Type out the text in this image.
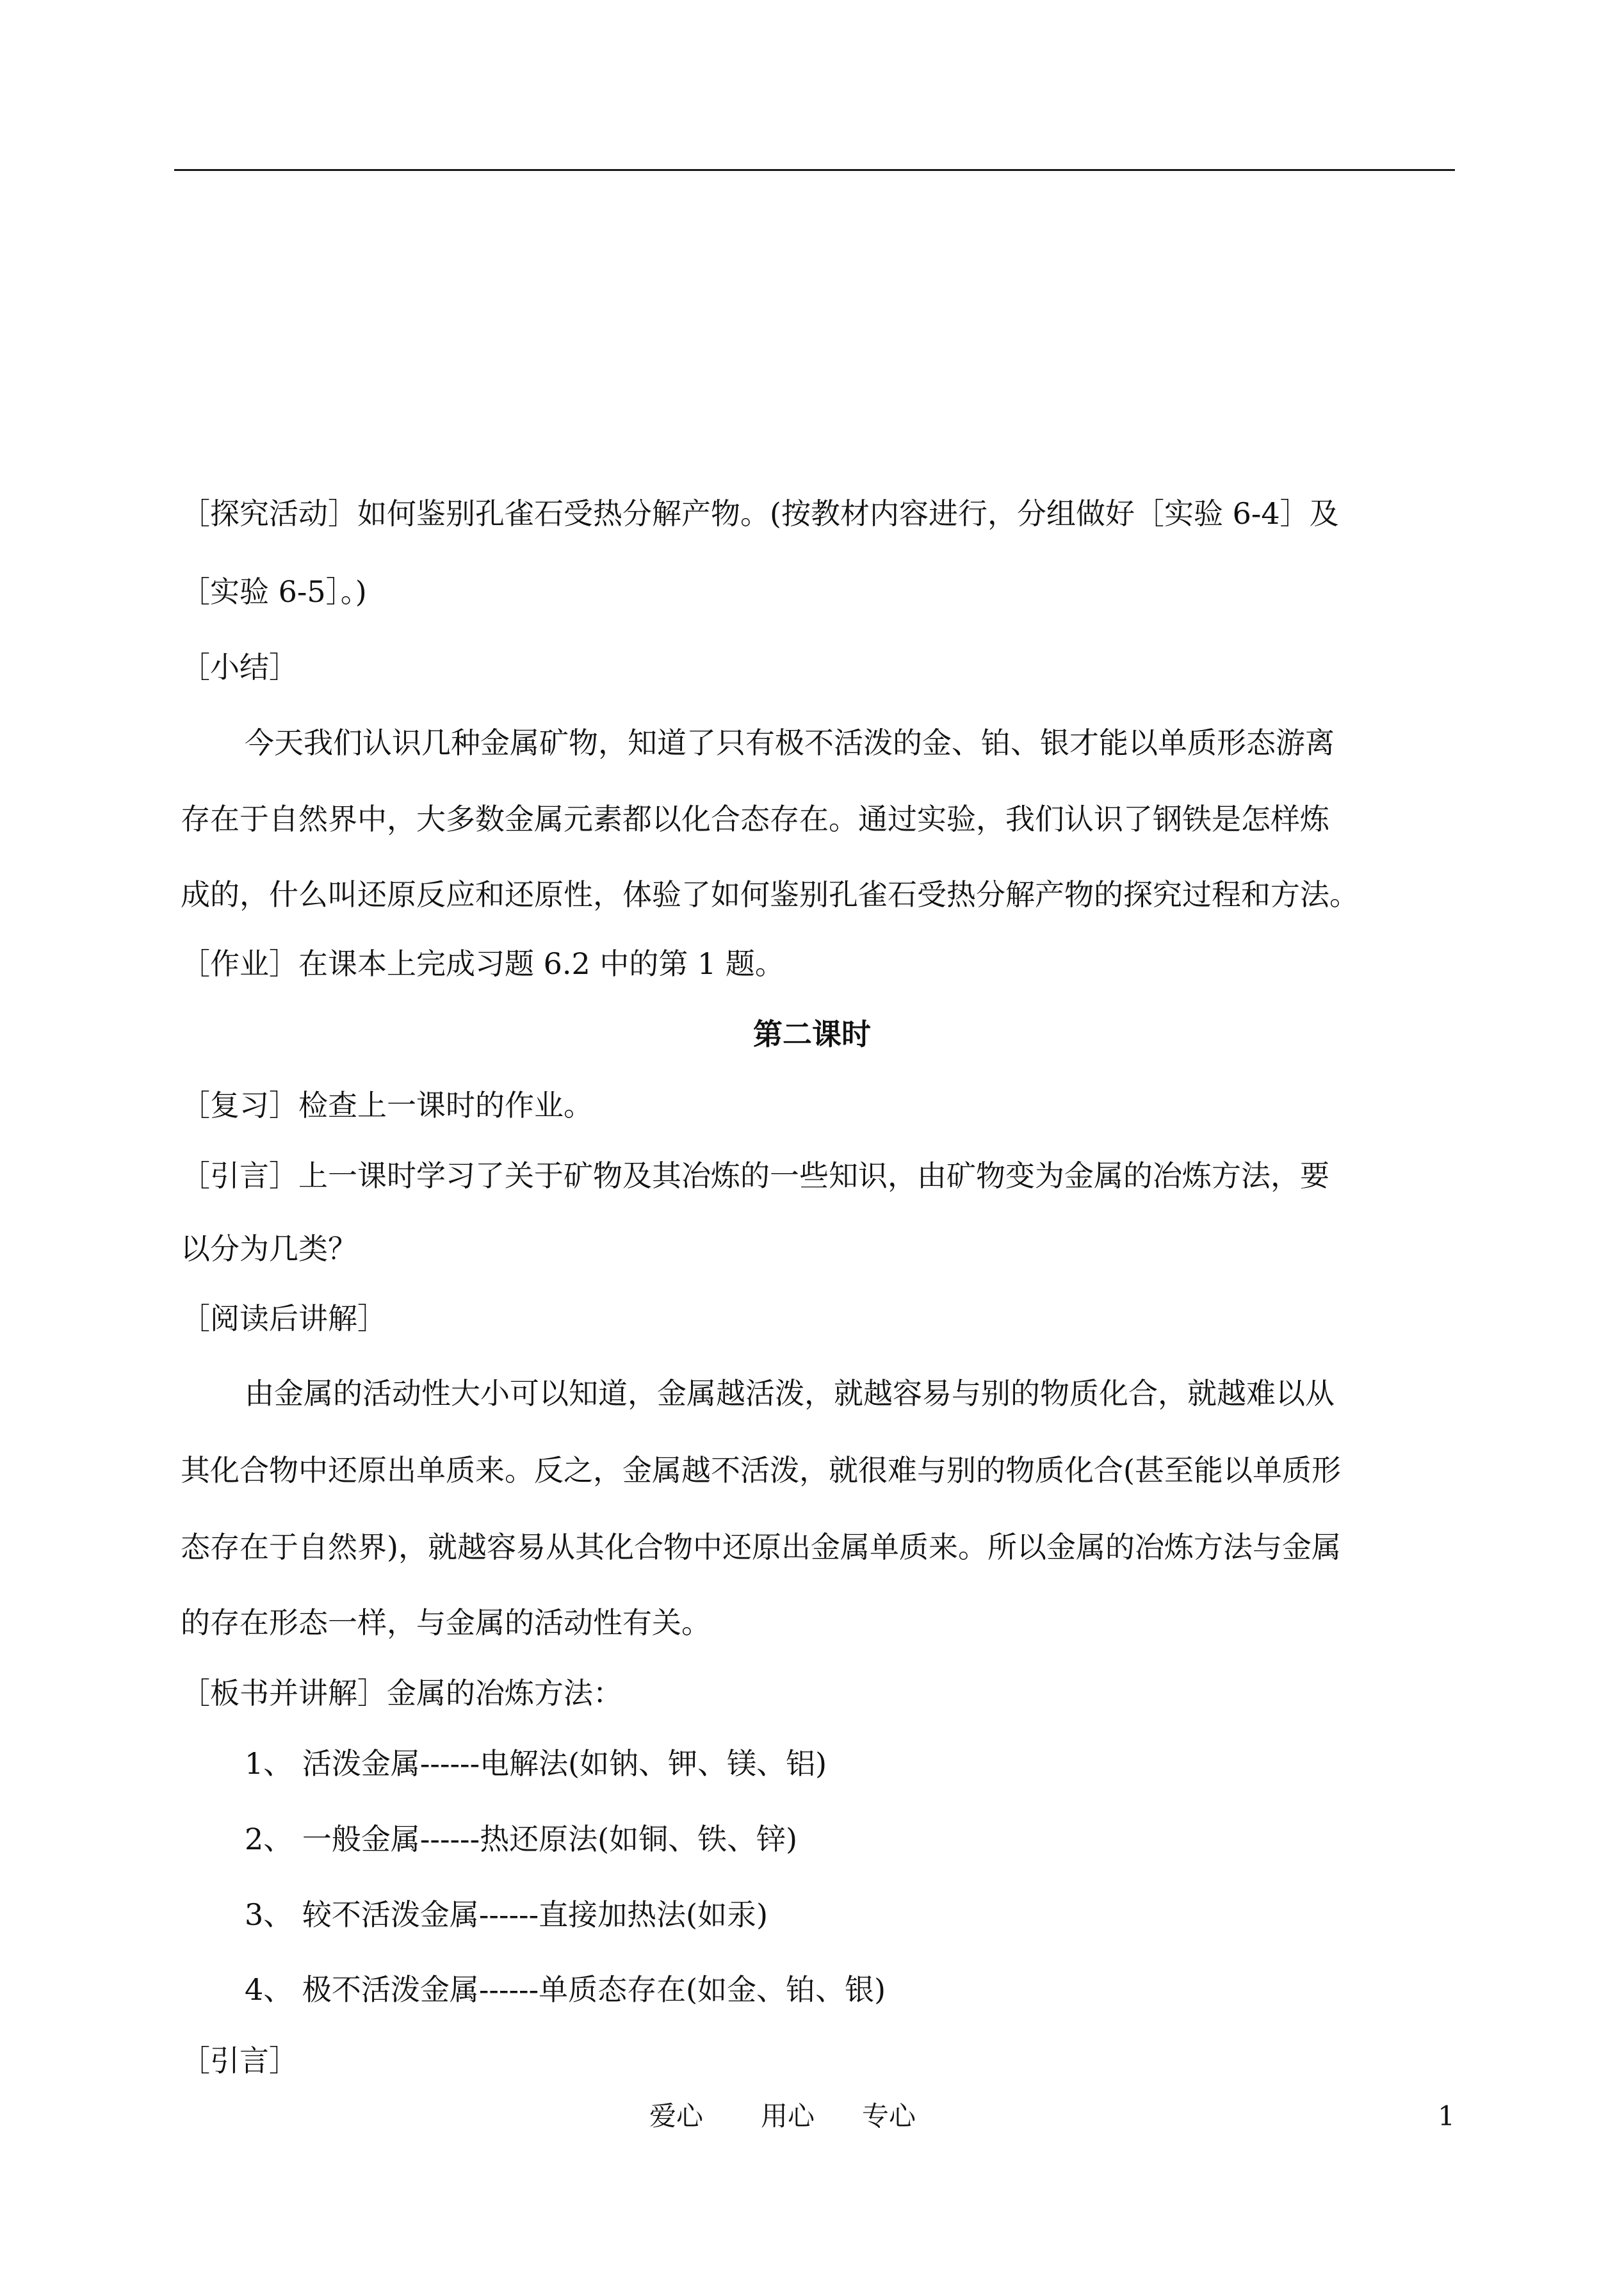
［探究活动］如何鉴别孔雀石受热分解产物。(按教材内容进行，分组做好［实验 6-4］及
［实验 6-5］。)
［小结］
今天我们认识几种金属矿物，知道了只有极不活泼的金、铂、银才能以单质形态游离
存在于自然界中，大多数金属元素都以化合态存在。通过实验，我们认识了钢铁是怎样炼
成的，什么叫还原反应和还原性，体验了如何鉴别孔雀石受热分解产物的探究过程和方法。
［作业］在课本上完成习题 6.2 中的第 1 题。
第二课时
［复习］检查上一课时的作业。
［引言］上一课时学习了关于矿物及其冶炼的一些知识，由矿物变为金属的冶炼方法，要
以分为几类？
［阅读后讲解］
由金属的活动性大小可以知道，金属越活泼，就越容易与别的物质化合，就越难以从
其化合物中还原出单质来。反之，金属越不活泼，就很难与别的物质化合(甚至能以单质形
态存在于自然界)，就越容易从其化合物中还原出金属单质来。所以金属的冶炼方法与金属
的存在形态一样，与金属的活动性有关。
［板书并讲解］金属的冶炼方法：
1、 活泼金属------电解法(如钠、钾、镁、铝)
2、 一般金属------热还原法(如铜、铁、锌)
3、 较不活泼金属------直接加热法(如汞)
4、 极不活泼金属------单质态存在(如金、铂、银)
［引言］
爱心 用心 专心	1
